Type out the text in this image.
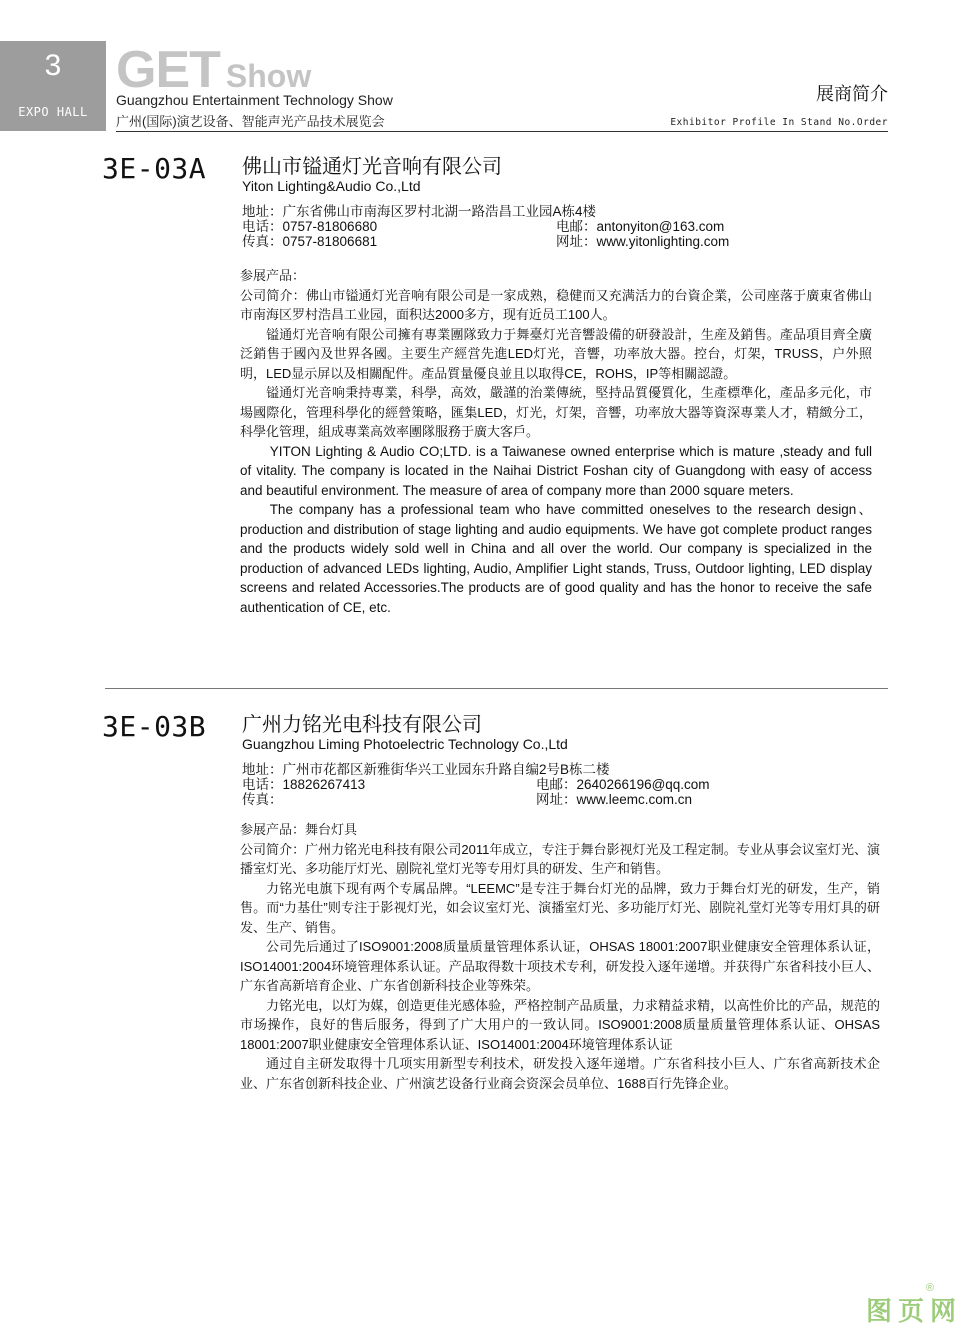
3
EXPO HALL
GET Show
Guangzhou Entertainment Technology Show
广州(国际)演艺设备、智能声光产品技术展览会
展商简介
Exhibitor Profile In Stand No.Order
3E-03A 佛山市镒通灯光音响有限公司
Yiton Lighting&Audio Co.,Ltd
地址：广东省佛山市南海区罗村北湖一路浩昌工业园A栋4楼
电话：0757-81806680
传真：0757-81806681
电邮：antonyiton@163.com
网址：www.yitonlighting.com

参展产品：

公司简介：佛山市镒通灯光音响有限公司是一家成熟，稳健而又充满活力的台資企業，公司座落于廣東省佛山市南海区罗村浩昌工业园，面积达2000多方，现有近员工100人。

镒通灯光音响有限公司擁有專業團隊致力于舞臺灯光音響設備的研發設計，生産及銷售。產品項目齊全廣泛銷售于國內及世界各國。主要生产經営先進LED灯光，音響，功率放大器。控台，灯架，TRUSS，户外照明，LED显示屏以及相關配件。產品質量優良並且以取得CE，ROHS，IP等相關認證。

镒通灯光音响秉持專業，科學，高效，嚴謹的治業傳統，堅持品質優質化，生產標準化，產品多元化，市場國際化，管理科學化的經營策略，匯集LED，灯光，灯架，音響，功率放大器等資深專業人才，精緻分工，科學化管理，組成專業高效率團隊服務于廣大客戶。

YITON Lighting & Audio CO;LTD. is a Taiwanese owned enterprise which is mature ,steady and full of vitality. The company is located in the Naihai District Foshan city of Guangdong with easy of access and beautiful environment. The measure of area of company more than 2000 square meters.

The company has a professional team who have committed oneselves to the research design、production and distribution of stage lighting and audio equipments. We have got complete product ranges and the products widely sold well in China and all over the world. Our company is specialized in the production of advanced LEDs lighting, Audio, Amplifier Light stands, Truss, Outdoor lighting, LED display screens and related Accessories.The products are of good quality and has the honor to receive the safe authentication of CE, etc.

3E-03B 广州力铭光电科技有限公司
Guangzhou Liming Photoelectric Technology Co.,Ltd
地址：广州市花都区新雅街华兴工业园东升路自编2号B栋二楼
电话：18826267413
传真：
电邮：2640266196@qq.com
网址：www.leemc.com.cn

参展产品：舞台灯具

公司简介：广州力铭光电科技有限公司2011年成立，专注于舞台影视灯光及工程定制。专业从事会议室灯光、演播室灯光、多功能厅灯光、剧院礼堂灯光等专用灯具的研发、生产和销售。

力铭光电旗下现有两个专属品牌。“LEEMC”是专注于舞台灯光的品牌，致力于舞台灯光的研发，生产，销售。而“力基仕”则专注于影视灯光，如会议室灯光、演播室灯光、多功能厅灯光、剧院礼堂灯光等专用灯具的研发、生产、销售。

公司先后通过了ISO9001:2008质量质量管理体系认证，OHSAS 18001:2007职业健康安全管理体系认证，ISO14001:2004环境管理体系认证。产品取得数十项技术专利，研发投入逐年递增。并获得广东省科技小巨人、广东省高新培育企业、广东省创新科技企业等殊荣。

力铭光电，以灯为媒，创造更佳光感体验，严格控制产品质量，力求精益求精，以高性价比的产品，规范的市场操作，良好的售后服务，得到了广大用户的一致认同。ISO9001:2008质量质量管理体系认证、OHSAS 18001:2007职业健康安全管理体系认证、ISO14001:2004环境管理体系认证

通过自主研发取得十几项实用新型专利技术，研发投入逐年递增。广东省科技小巨人、广东省高新技术企业、广东省创新科技企业、广州演艺设备行业商会资深会员单位、1688百行先锋企业。

®
图页网
